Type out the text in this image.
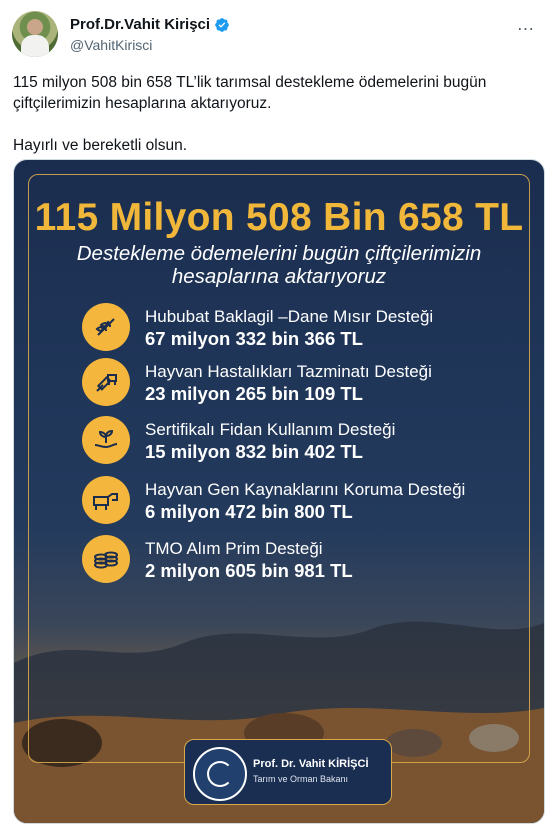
Prof.Dr.Vahit Kirişci
@VahitKirisci
…

115 milyon 508 bin 658 TL’lik tarımsal destekleme ödemelerini bugün çiftçilerimizin hesaplarına aktarıyoruz.

Hayırlı ve bereketli olsun.

115 Milyon 508 Bin 658 TL
Destekleme ödemelerini bugün çiftçilerimizin
hesaplarına aktarıyoruz
Hububat Baklagil –Dane Mısır Desteği
67 milyon 332 bin 366 TL
Hayvan Hastalıkları Tazminatı Desteği
23 milyon 265 bin 109 TL
Sertifikalı Fidan Kullanım Desteği
15 milyon 832 bin 402 TL
Hayvan Gen Kaynaklarını Koruma Desteği
6 milyon 472 bin 800 TL
TMO Alım Prim Desteği
2 milyon 605 bin 981 TL
Prof. Dr. Vahit KİRİŞCİ
Tarım ve Orman Bakanı
